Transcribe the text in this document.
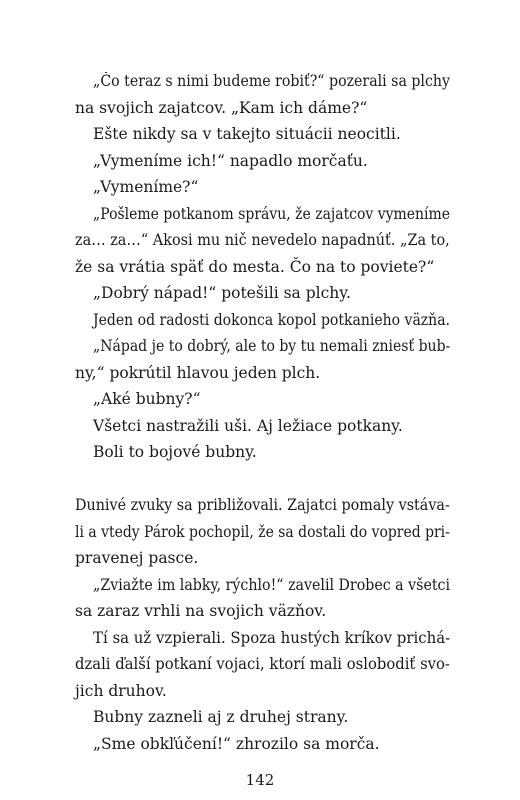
„Čo teraz s nimi budeme robiť?“ pozerali sa plchy
na svojich zajatcov. „Kam ich dáme?“
Ešte nikdy sa v takejto situácii neocitli.
„Vymeníme ich!“ napadlo morčaťu.
„Vymeníme?“
„Pošleme potkanom správu, že zajatcov vymeníme
za… za…“ Akosi mu nič nevedelo napadnúť. „Za to,
že sa vrátia späť do mesta. Čo na to poviete?“
„Dobrý nápad!“ potešili sa plchy.
Jeden od radosti dokonca kopol potkanieho väzňa.
„Nápad je to dobrý, ale to by tu nemali zniesť bub-
ny,“ pokrútil hlavou jeden plch.
„Aké bubny?“
Všetci nastražili uši. Aj ležiace potkany.
Boli to bojové bubny.
Dunivé zvuky sa približovali. Zajatci pomaly vstáva-
li a vtedy Párok pochopil, že sa dostali do vopred pri-
pravenej pasce.
„Zviažte im labky, rýchlo!“ zavelil Drobec a všetci
sa zaraz vrhli na svojich väzňov.
Tí sa už vzpierali. Spoza hustých kríkov prichá-
dzali ďalší potkaní vojaci, ktorí mali oslobodiť svo-
jich druhov.
Bubny zazneli aj z druhej strany.
„Sme obkľúčení!“ zhrozilo sa morča.
142
